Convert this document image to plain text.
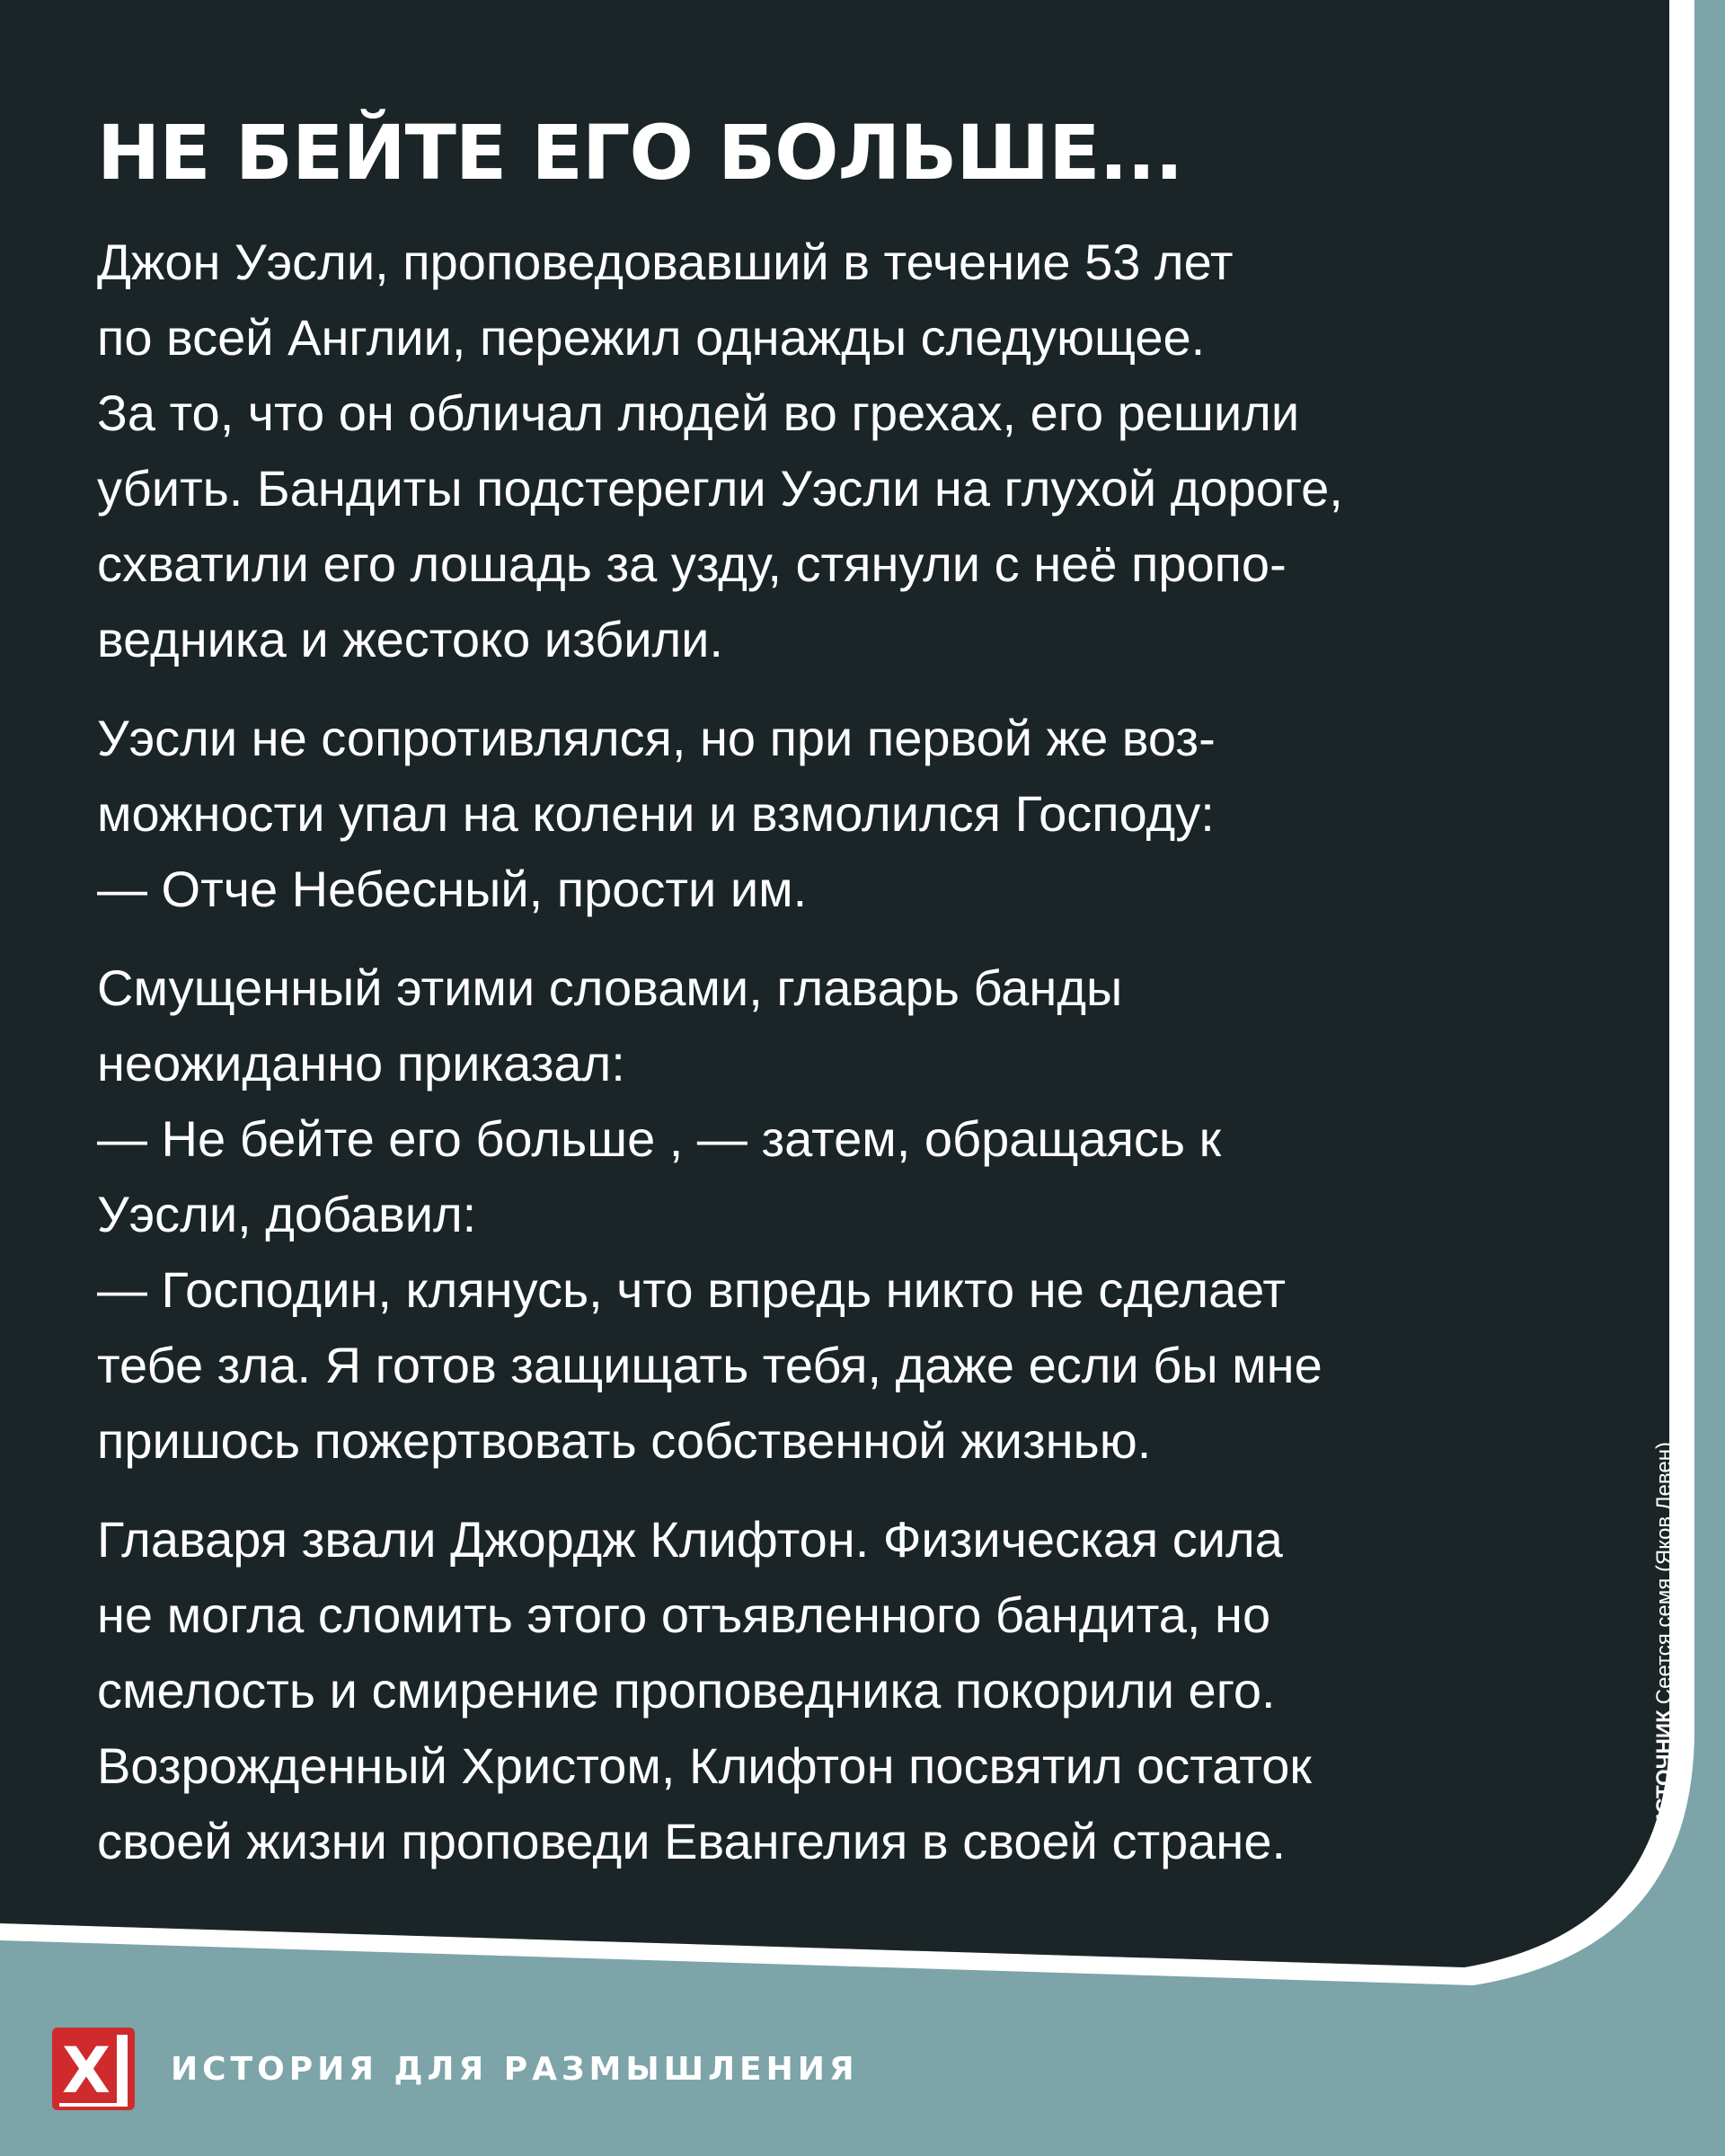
НЕ БЕЙТЕ ЕГО БОЛЬШЕ...

Джон Уэсли, проповедовавший в течение 53 лет
по всей Англии, пережил однажды следующее.
За то, что он обличал людей во грехах, его решили
убить. Бандиты подстерегли Уэсли на глухой дороге,
схватили его лошадь за узду, стянули с неё пропо-
ведника и жестоко избили.

Уэсли не сопротивлялся, но при первой же воз-
можности упал на колени и взмолился Господу:
— Отче Небесный, прости им.

Смущенный этими словами, главарь банды
неожиданно приказал:
— Не бейте его больше , — затем, обращаясь к
Уэсли, добавил:
— Господин, клянусь, что впредь никто не сделает
тебе зла. Я готов защищать тебя, даже если бы мне
пришось пожертвовать собственной жизнью.

Главаря звали Джордж Клифтон. Физическая сила
не могла сломить этого отъявленного бандита, но
смелость и смирение проповедника покорили его.
Возрожденный Христом, Клифтон посвятил остаток
своей жизни проповеди Евангелия в своей стране.

ИСТОЧНИКСеется семя (Яков Левен)
X ИСТОРИЯ ДЛЯ РАЗМЫШЛЕНИЯ
